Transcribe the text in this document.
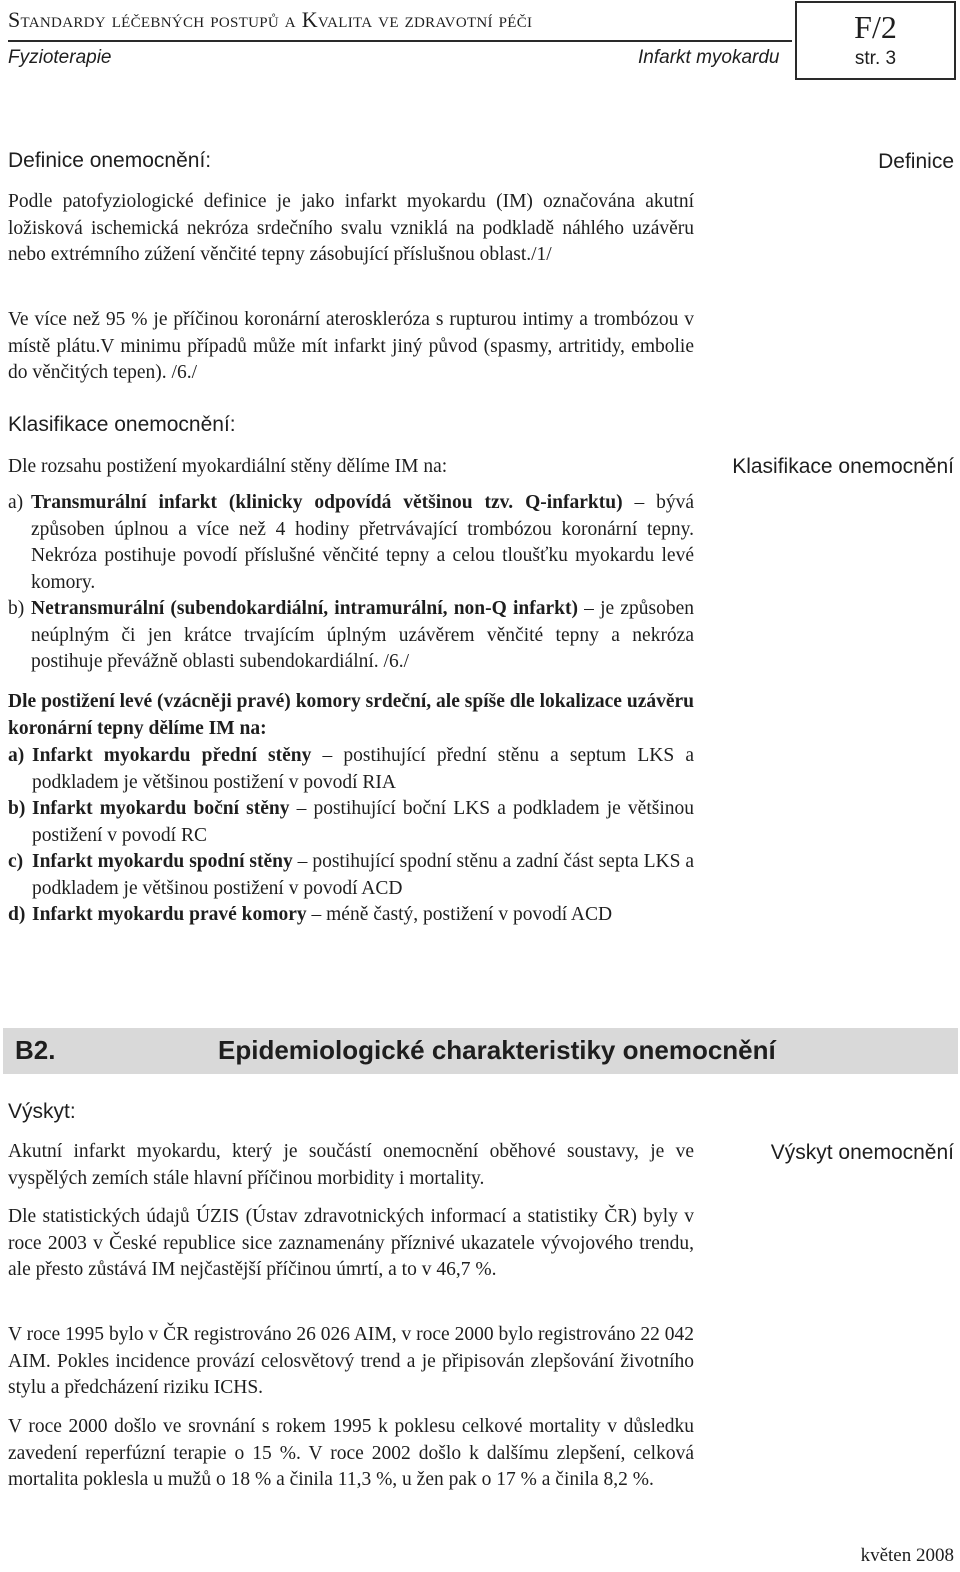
Standardy léčebných postupů a Kvalita ve zdravotní péči
Fyzioterapie	Infarkt myokardu
F/2
str. 3
Definice onemocnění:	Definice
Podle patofyziologické definice je jako infarkt myokardu (IM) označována akutní ložisková ischemická nekróza srdečního svalu vzniklá na podkladě náhlého uzávěru nebo extrémního zúžení věnčité tepny zásobující příslušnou oblast./1/
Ve více než 95 % je příčinou koronární ateroskleróza s rupturou intimy a trombózou v místě plátu.V minimu případů může mít infarkt jiný původ (spasmy, artritidy, embolie do věnčitých tepen). /6./
Klasifikace onemocnění:
Klasifikace onemocnění
Dle rozsahu postižení myokardiální stěny dělíme IM na:
a) Transmurální infarkt (klinicky odpovídá většinou tzv. Q-infarktu) – bývá způsoben úplnou a více než 4 hodiny přetrvávající trombózou koronární tepny. Nekróza postihuje povodí příslušné věnčité tepny a celou tloušťku myokardu levé komory.
b) Netransmurální (subendokardiální, intramurální, non-Q infarkt) – je způsoben neúplným či jen krátce trvajícím úplným uzávěrem věnčité tepny a nekróza postihuje převážně oblasti subendokardiální. /6./
Dle postižení levé (vzácněji pravé) komory srdeční, ale spíše dle lokalizace uzávěru koronární tepny dělíme IM na:
a) Infarkt myokardu přední stěny – postihující přední stěnu a septum LKS a podkladem je většinou postižení v povodí RIA
b) Infarkt myokardu boční stěny – postihující boční LKS a podkladem je většinou postižení v povodí RC
c) Infarkt myokardu spodní stěny – postihující spodní stěnu a zadní část septa LKS a podkladem je většinou postižení v povodí ACD
d) Infarkt myokardu pravé komory – méně častý, postižení v povodí ACD
B2.	Epidemiologické charakteristiky onemocnění
Výskyt:
Výskyt onemocnění
Akutní infarkt myokardu, který je součástí onemocnění oběhové soustavy, je ve vyspělých zemích stále hlavní příčinou morbidity i mortality.
Dle statistických údajů ÚZIS (Ústav zdravotnických informací a statistiky ČR) byly v roce 2003 v České republice sice zaznamenány příznivé ukazatele vývojového trendu, ale přesto zůstává IM nejčastější příčinou úmrtí, a to v 46,7 %.
V roce 1995 bylo v ČR registrováno 26 026 AIM, v roce 2000 bylo registrováno 22 042 AIM. Pokles incidence provází celosvětový trend a je připisován zlepšování životního stylu a předcházení riziku ICHS.
V roce 2000 došlo ve srovnání s rokem 1995 k poklesu celkové mortality v důsledku zavedení reperfúzní terapie o 15 %. V roce 2002 došlo k dalšímu zlepšení, celková mortalita poklesla u mužů o 18 % a činila 11,3 %, u žen pak o 17 % a činila 8,2 %.
květen 2008
